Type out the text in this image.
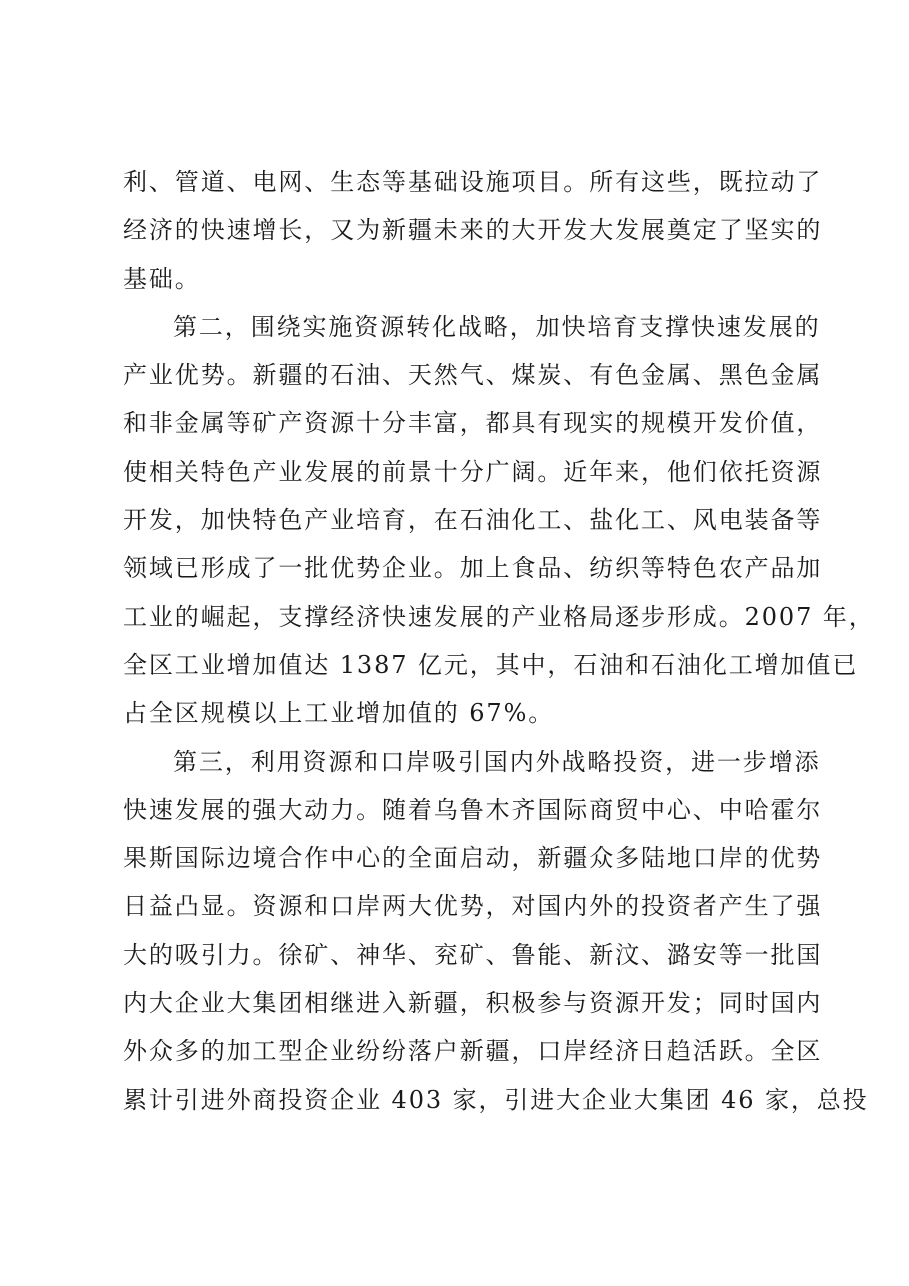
利、管道、电网、生态等基础设施项目。所有这些，既拉动了
经济的快速增长，又为新疆未来的大开发大发展奠定了坚实的
基础。
第二，围绕实施资源转化战略，加快培育支撑快速发展的
产业优势。新疆的石油、天然气、煤炭、有色金属、黑色金属
和非金属等矿产资源十分丰富，都具有现实的规模开发价值，
使相关特色产业发展的前景十分广阔。近年来，他们依托资源
开发，加快特色产业培育，在石油化工、盐化工、风电装备等
领域已形成了一批优势企业。加上食品、纺织等特色农产品加
工业的崛起，支撑经济快速发展的产业格局逐步形成。2007 年，
全区工业增加值达 1387 亿元，其中，石油和石油化工增加值已
占全区规模以上工业增加值的 67%。
第三，利用资源和口岸吸引国内外战略投资，进一步增添
快速发展的强大动力。随着乌鲁木齐国际商贸中心、中哈霍尔
果斯国际边境合作中心的全面启动，新疆众多陆地口岸的优势
日益凸显。资源和口岸两大优势，对国内外的投资者产生了强
大的吸引力。徐矿、神华、兖矿、鲁能、新汶、潞安等一批国
内大企业大集团相继进入新疆，积极参与资源开发；同时国内
外众多的加工型企业纷纷落户新疆，口岸经济日趋活跃。全区
累计引进外商投资企业 403 家，引进大企业大集团 46 家，总投
